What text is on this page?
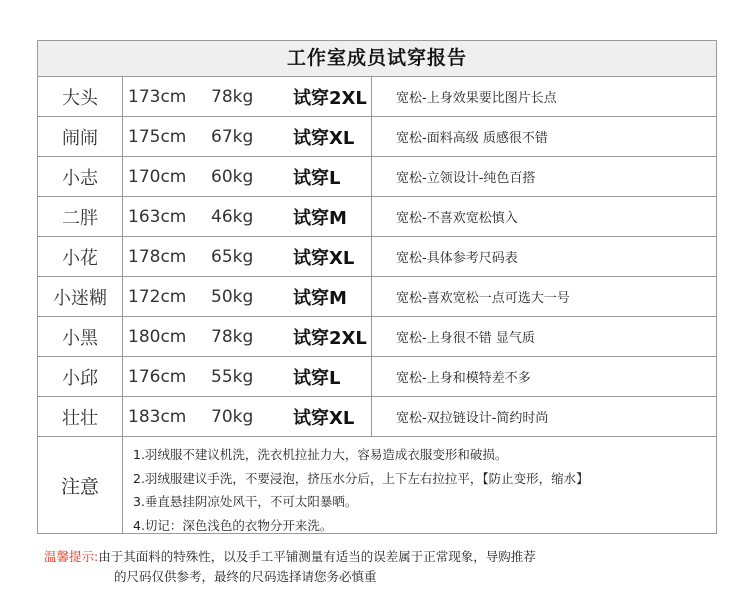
工作室成员试穿报告
大头	173cm 78kg 试穿2XL	宽松-上身效果要比图片长点
闹闹	175cm 67kg 试穿XL	宽松-面料高级 质感很不错
小志	170cm 60kg 试穿L	宽松-立领设计-纯色百搭
二胖	163cm 46kg 试穿M	宽松-不喜欢宽松慎入
小花	178cm 65kg 试穿XL	宽松-具体参考尺码表
小迷糊	172cm 50kg 试穿M	宽松-喜欢宽松一点可选大一号
小黑	180cm 78kg 试穿2XL	宽松-上身很不错 显气质
小邱	176cm 55kg 试穿L	宽松-上身和模特差不多
壮壮	183cm 70kg 试穿XL	宽松-双拉链设计-简约时尚
注意
1.羽绒服不建议机洗，洗衣机拉扯力大，容易造成衣服变形和破损。
2.羽绒服建议手洗，不要浸泡，挤压水分后，上下左右拉拉平，【防止变形，缩水】
3.垂直悬挂阴凉处风干，不可太阳暴晒。
4.切记：深色浅色的衣物分开来洗。
温馨提示:由于其面料的特殊性，以及手工平铺测量有适当的误差属于正常现象，导购推荐
的尺码仅供参考，最终的尺码选择请您务必慎重
